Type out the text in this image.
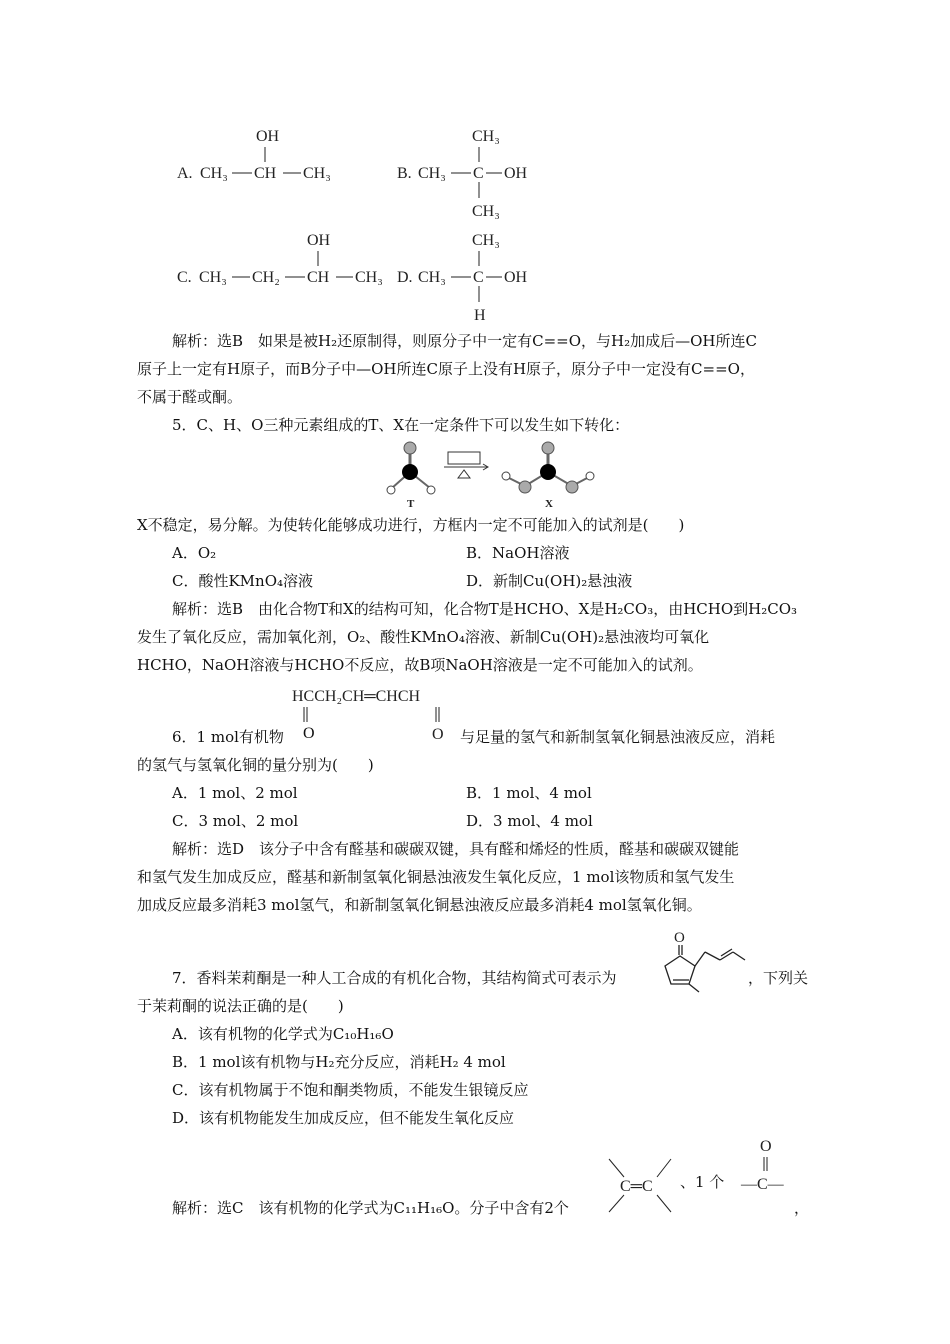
A. CH₃ CH CH₃
OH
B. CH₃ C OH
CH₃
CH₃
C. CH₃ CH₂ CH CH₃
OH
D. CH₃ C OH
CH₃
H
解析：选B　如果是被H₂还原制得，则原分子中一定有C==O，与H₂加成后—OH所连C
原子上一定有H原子，而B分子中—OH所连C原子上没有H原子，原分子中一定没有C==O，
不属于醛或酮。
5．C、H、O三种元素组成的T、X在一定条件下可以发生如下转化：
T	X
X不稳定，易分解。为使转化能够成功进行，方框内一定不可能加入的试剂是(　　)
A．O₂	B．NaOH溶液
C．酸性KMnO₄溶液	D．新制Cu(OH)₂悬浊液
解析：选B　由化合物T和X的结构可知，化合物T是HCHO、X是H₂CO₃，由HCHO到H₂CO₃
发生了氧化反应，需加氧化剂，O₂、酸性KMnO₄溶液、新制Cu(OH)₂悬浊液均可氧化
HCHO，NaOH溶液与HCHO不反应，故B项NaOH溶液是一定不可能加入的试剂。
HCCH₂CH═CHCH
O
6．1 mol有机物 O	与足量的氢气和新制氢氧化铜悬浊液反应，消耗
的氢气与氢氧化铜的量分别为(　　)
A．1 mol、2 mol	B．1 mol、4 mol
C．3 mol、2 mol	D．3 mol、4 mol
解析：选D　该分子中含有醛基和碳碳双键，具有醛和烯烃的性质，醛基和碳碳双键能
和氢气发生加成反应，醛基和新制氢氧化铜悬浊液发生氧化反应，1 mol该物质和氢气发生
加成反应最多消耗3 mol氢气，和新制氢氧化铜悬浊液反应最多消耗4 mol氢氧化铜。
O
7．香料茉莉酮是一种人工合成的有机化合物，其结构简式可表示为	，下列关
于茉莉酮的说法正确的是(　　)
A．该有机物的化学式为C₁₀H₁₆O
B．1 mol该有机物与H₂充分反应，消耗H₂ 4 mol
C．该有机物属于不饱和酮类物质，不能发生银镜反应
D．该有机物能发生加成反应，但不能发生氧化反应
解析：选C　该有机物的化学式为C₁₁H₁₆O。分子中含有2个
C═C 、1 个
O
—C—
，
